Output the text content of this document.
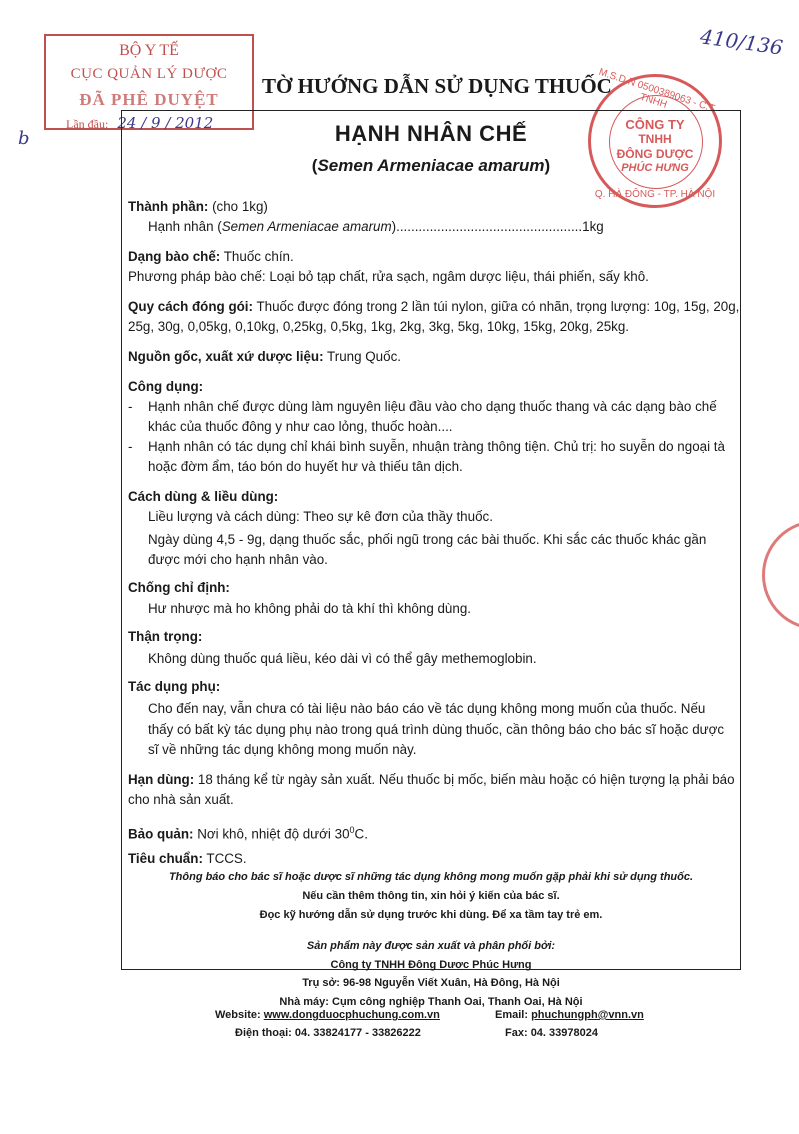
b
410/136
BỘ Y TẾ
CỤC QUẢN LÝ DƯỢC
ĐÃ PHÊ DUYỆT
Lần đầu: 24 / 9 / 2012
TỜ HƯỚNG DẪN SỬ DỤNG THUỐC
M.S.D.N 0500389063 - C.T TNHH
CÔNG TY
TNHH
ĐÔNG DƯỢC
PHÚC HƯNG
Q. HÀ ĐÔNG - TP. HÀ NỘI
HẠNH NHÂN CHẾ
(Semen Armeniacae amarum)
Thành phần: (cho 1kg)
Hạnh nhân (Semen Armeniacae amarum)..................................................1kg
Dạng bào chế: Thuốc chín.
Phương pháp bào chế: Loại bỏ tạp chất, rửa sạch, ngâm dược liệu, thái phiến, sấy khô.
Quy cách đóng gói: Thuốc được đóng trong 2 lần túi nylon, giữa có nhãn, trọng lượng: 10g, 15g, 20g,
25g, 30g, 0,05kg, 0,10kg, 0,25kg, 0,5kg, 1kg, 2kg, 3kg, 5kg, 10kg, 15kg, 20kg, 25kg.
Nguồn gốc, xuất xứ dược liệu: Trung Quốc.
Công dụng:
- Hạnh nhân chế được dùng làm nguyên liệu đầu vào cho dạng thuốc thang và các dạng bào chế
khác của thuốc đông y như cao lỏng, thuốc hoàn....
- Hạnh nhân có tác dụng chỉ khái bình suyễn, nhuận tràng thông tiện. Chủ trị: ho suyễn do ngoại tà
hoặc đờm ẩm, táo bón do huyết hư và thiếu tân dịch.
Cách dùng & liều dùng:
Liều lượng và cách dùng: Theo sự kê đơn của thầy thuốc.
Ngày dùng 4,5 - 9g, dạng thuốc sắc, phối ngũ trong các bài thuốc. Khi sắc các thuốc khác gần
được mới cho hạnh nhân vào.
Chống chỉ định:
Hư nhược mà ho không phải do tà khí thì không dùng.
Thận trọng:
Không dùng thuốc quá liều, kéo dài vì có thể gây methemoglobin.
Tác dụng phụ:
Cho đến nay, vẫn chưa có tài liệu nào báo cáo về tác dụng không mong muốn của thuốc. Nếu
thấy có bất kỳ tác dụng phụ nào trong quá trình dùng thuốc, cần thông báo cho bác sĩ hoặc dược
sĩ về những tác dụng không mong muốn này.
Hạn dùng: 18 tháng kể từ ngày sản xuất. Nếu thuốc bị mốc, biến màu hoặc có hiện tượng lạ phải báo
cho nhà sản xuất.
Bảo quản: Nơi khô, nhiệt độ dưới $30^0C$.
Tiêu chuẩn: TCCS.
Thông báo cho bác sĩ hoặc dược sĩ những tác dụng không mong muốn gặp phải khi sử dụng thuốc.
Nếu cần thêm thông tin, xin hỏi ý kiến của bác sĩ.
Đọc kỹ hướng dẫn sử dụng trước khi dùng. Để xa tầm tay trẻ em.
Sản phẩm này được sản xuất và phân phối bởi:
Công ty TNHH Đông Dược Phúc Hưng
Trụ sở: 96-98 Nguyễn Viết Xuân, Hà Đông, Hà Nội
Nhà máy: Cụm công nghiệp Thanh Oai, Thanh Oai, Hà Nội
Website: www.dongduocphuchung.com.vn	Email: phuchungph@vnn.vn
Điện thoại: 04. 33824177 - 33826222	Fax: 04. 33978024
